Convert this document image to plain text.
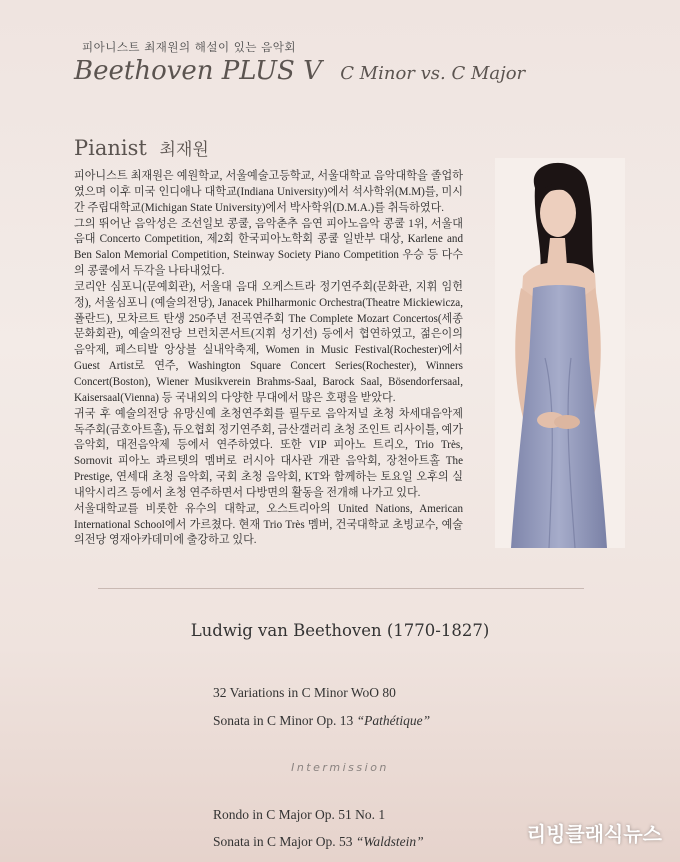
피아니스트 최재원의 해설이 있는 음악회
Beethoven PLUS V C Minor vs. C Major
Pianist 최재원

피아니스트 최재원은 예원학교, 서울예술고등학교, 서울대학교 음악대학을 졸업하였으며 이후 미국 인디애나 대학교(Indiana University)에서 석사학위(M.M)를, 미시간 주립대학교(Michigan State University)에서 박사학위(D.M.A.)를 취득하였다.

그의 뛰어난 음악성은 조선일보 콩쿨, 음악춘추 음연 피아노음악 콩쿨 1위, 서울대음대 Concerto Competition, 제2회 한국피아노학회 콩쿨 일반부 대상, Karlene and Ben Salon Memorial Competition, Steinway Society Piano Competition 우승 등 다수의 콩쿨에서 두각을 나타내었다.

코리안 심포니(문예회관), 서울대 음대 오케스트라 정기연주회(문화관, 지휘 임헌정), 서울심포니 (예술의전당), Janacek Philharmonic Orchestra(Theatre Mickiewicza, 폴란드), 모차르트 탄생 250주년 전곡연주회 The Complete Mozart Concertos(세종문화회관), 예술의전당 브런치콘서트(지휘 성기선) 등에서 협연하였고, 젊은이의 음악제, 페스티발 앙상블 실내악축제, Women in Music Festival(Rochester)에서 Guest Artist로 연주, Washington Square Concert Series(Rochester), Winners Concert(Boston), Wiener Musikverein Brahms-Saal, Barock Saal, Bösendorfersaal, Kaisersaal(Vienna) 등 국내외의 다양한 무대에서 많은 호평을 받았다.

귀국 후 예술의전당 유망신예 초청연주회를 필두로 음악저널 초청 차세대음악제 독주회(금호아트홀), 듀오협회 정기연주회, 금산갤러리 초청 조인트 리사이틀, 예가 음악회, 대전음악제 등에서 연주하였다. 또한 VIP 피아노 트리오, Trio Très, Sornovit 피아노 콰르텟의 멤버로 러시아 대사관 개관 음악회, 장천아트홀 The Prestige, 연세대 초청 음악회, 국회 초청 음악회, KT와 함께하는 토요일 오후의 실내악시리즈 등에서 초청 연주하면서 다방면의 활동을 전개해 나가고 있다.

서울대학교를 비롯한 유수의 대학교, 오스트리아의 United Nations, American International School에서 가르쳤다. 현재 Trio Très 멤버, 건국대학교 초빙교수, 예술의전당 영재아카데미에 출강하고 있다.

Ludwig van Beethoven (1770-1827)
32 Variations in C Minor WoO 80
Sonata in C Minor Op. 13 “Pathétique”
Intermission
Rondo in C Major Op. 51 No. 1
Sonata in C Major Op. 53 “Waldstein”	리빙클래식뉴스
